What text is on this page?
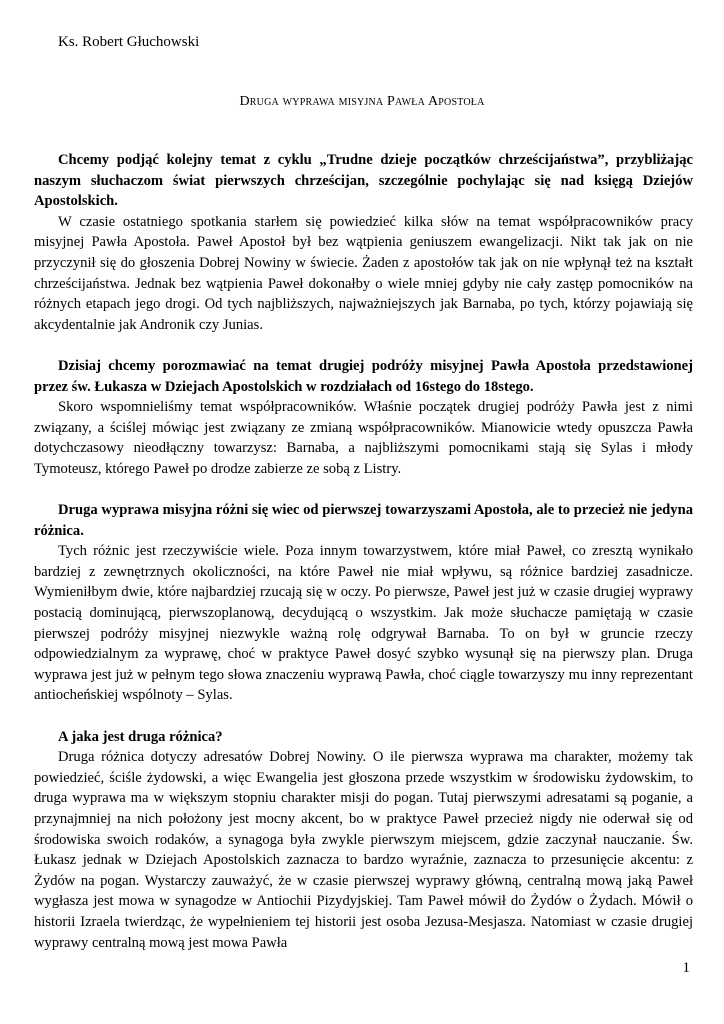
Ks. Robert Głuchowski
Druga wyprawa misyjna Pawła Apostoła

Chcemy podjąć kolejny temat z cyklu „Trudne dzieje początków chrześcijaństwa”, przybliżając naszym słuchaczom świat pierwszych chrześcijan, szczególnie pochylając się nad księgą Dziejów Apostolskich.

W czasie ostatniego spotkania starłem się powiedzieć kilka słów na temat współpracowników pracy misyjnej Pawła Apostoła. Paweł Apostoł był bez wątpienia geniuszem ewangelizacji. Nikt tak jak on nie przyczynił się do głoszenia Dobrej Nowiny w świecie. Żaden z apostołów tak jak on nie wpłynął też na kształt chrześcijaństwa. Jednak bez wątpienia Paweł dokonałby o wiele mniej gdyby nie cały zastęp pomocników na różnych etapach jego drogi. Od tych najbliższych, najważniejszych jak Barnaba, po tych, którzy pojawiają się akcydentalnie jak Andronik czy Junias.

Dzisiaj chcemy porozmawiać na temat drugiej podróży misyjnej Pawła Apostoła przedstawionej przez św. Łukasza w Dziejach Apostolskich w rozdziałach od 16stego do 18stego.

Skoro wspomnieliśmy temat współpracowników. Właśnie początek drugiej podróży Pawła jest z nimi związany, a ściślej mówiąc jest związany ze zmianą współpracowników. Mianowicie wtedy opuszcza Pawła dotychczasowy nieodłączny towarzysz: Barnaba, a najbliższymi pomocnikami stają się Sylas i młody Tymoteusz, którego Paweł po drodze zabierze ze sobą z Listry.

Druga wyprawa misyjna różni się wiec od pierwszej towarzyszami Apostoła, ale to przecież nie jedyna różnica.

Tych różnic jest rzeczywiście wiele. Poza innym towarzystwem, które miał Paweł, co zresztą wynikało bardziej z zewnętrznych okoliczności, na które Paweł nie miał wpływu, są różnice bardziej zasadnicze. Wymieniłbym dwie, które najbardziej rzucają się w oczy. Po pierwsze, Paweł jest już w czasie drugiej wyprawy postacią dominującą, pierwszoplanową, decydującą o wszystkim. Jak może słuchacze pamiętają w czasie pierwszej podróży misyjnej niezwykle ważną rolę odgrywał Barnaba. To on był w gruncie rzeczy odpowiedzialnym za wyprawę, choć w praktyce Paweł dosyć szybko wysunął się na pierwszy plan. Druga wyprawa jest już w pełnym tego słowa znaczeniu wyprawą Pawła, choć ciągle towarzyszy mu inny reprezentant antiocheńskiej wspólnoty – Sylas.

A jaka jest druga różnica?

Druga różnica dotyczy adresatów Dobrej Nowiny. O ile pierwsza wyprawa ma charakter, możemy tak powiedzieć, ściśle żydowski, a więc Ewangelia jest głoszona przede wszystkim w środowisku żydowskim, to druga wyprawa ma w większym stopniu charakter misji do pogan. Tutaj pierwszymi adresatami są poganie, a przynajmniej na nich położony jest mocny akcent, bo w praktyce Paweł przecież nigdy nie oderwał się od środowiska swoich rodaków, a synagoga była zwykle pierwszym miejscem, gdzie zaczynał nauczanie. Św. Łukasz jednak w Dziejach Apostolskich zaznacza to bardzo wyraźnie, zaznacza to przesunięcie akcentu: z Żydów na pogan. Wystarczy zauważyć, że w czasie pierwszej wyprawy główną, centralną mową jaką Paweł wygłasza jest mowa w synagodze w Antiochii Pizydyjskiej. Tam Paweł mówił do Żydów o Żydach. Mówił o historii Izraela twierdząc, że wypełnieniem tej historii jest osoba Jezusa-Mesjasza. Natomiast w czasie drugiej wyprawy centralną mową jest mowa Pawła

1
